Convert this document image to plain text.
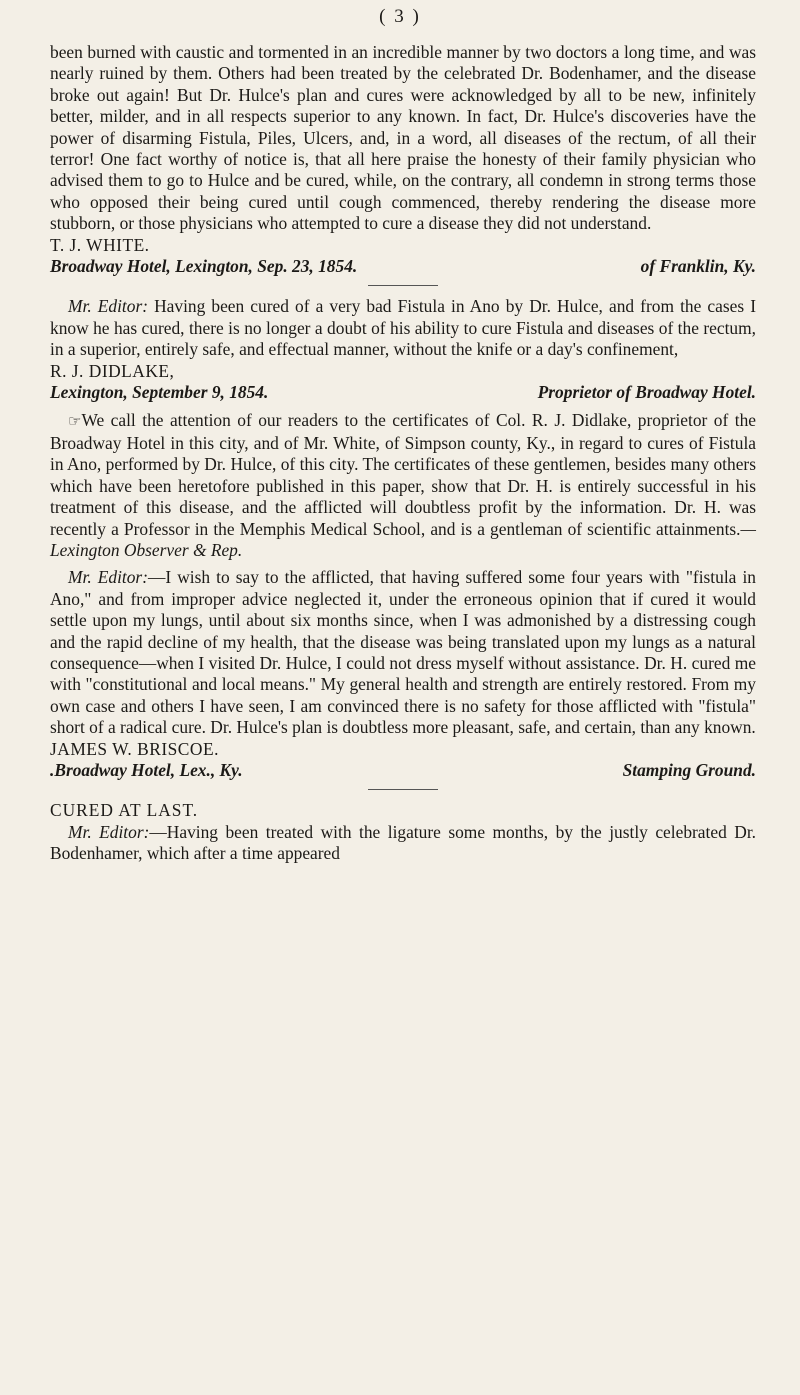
( 3 )

been burned with caustic and tormented in an incredible manner by two doctors a long time, and was nearly ruined by them. Others had been treated by the celebrated Dr. Bodenhamer, and the disease broke out again! But Dr. Hulce's plan and cures were acknowledged by all to be new, infinitely better, milder, and in all respects superior to any known. In fact, Dr. Hulce's discoveries have the power of disarming Fistula, Piles, Ulcers, and, in a word, all diseases of the rectum, of all their terror! One fact worthy of notice is, that all here praise the honesty of their family physician who advised them to go to Hulce and be cured, while, on the contrary, all condemn in strong terms those who opposed their being cured until cough commenced, thereby rendering the disease more stubborn, or those physicians who attempted to cure a disease they did not understand.

T. J. WHITE.

Broadway Hotel, Lexington, Sep. 23, 1854.	of Franklin, Ky.

Mr. Editor: Having been cured of a very bad Fistula in Ano by Dr. Hulce, and from the cases I know he has cured, there is no longer a doubt of his ability to cure Fistula and diseases of the rectum, in a superior, entirely safe, and effectual manner, without the knife or a day's confinement,

R. J. DIDLAKE,

Lexington, September 9, 1854.	Proprietor of Broadway Hotel.

☞We call the attention of our readers to the certificates of Col. R. J. Didlake, proprietor of the Broadway Hotel in this city, and of Mr. White, of Simpson county, Ky., in regard to cures of Fistula in Ano, performed by Dr. Hulce, of this city. The certificates of these gentlemen, besides many others which have been heretofore published in this paper, show that Dr. H. is entirely successful in his treatment of this disease, and the afflicted will doubtless profit by the information. Dr. H. was recently a Professor in the Memphis Medical School, and is a gentleman of scientific attainments.—Lexington Observer & Rep.

Mr. Editor:—I wish to say to the afflicted, that having suffered some four years with "fistula in Ano," and from improper advice neglected it, under the erroneous opinion that if cured it would settle upon my lungs, until about six months since, when I was admonished by a distressing cough and the rapid decline of my health, that the disease was being translated upon my lungs as a natural consequence—when I visited Dr. Hulce, I could not dress myself without assistance. Dr. H. cured me with "constitutional and local means." My general health and strength are entirely restored. From my own case and others I have seen, I am convinced there is no safety for those afflicted with "fistula" short of a radical cure. Dr. Hulce's plan is doubtless more pleasant, safe, and certain, than any known.

JAMES W. BRISCOE.

.Broadway Hotel, Lex., Ky.	Stamping Ground.

CURED AT LAST.

Mr. Editor:—Having been treated with the ligature some months, by the justly celebrated Dr. Bodenhamer, which after a time appeared
